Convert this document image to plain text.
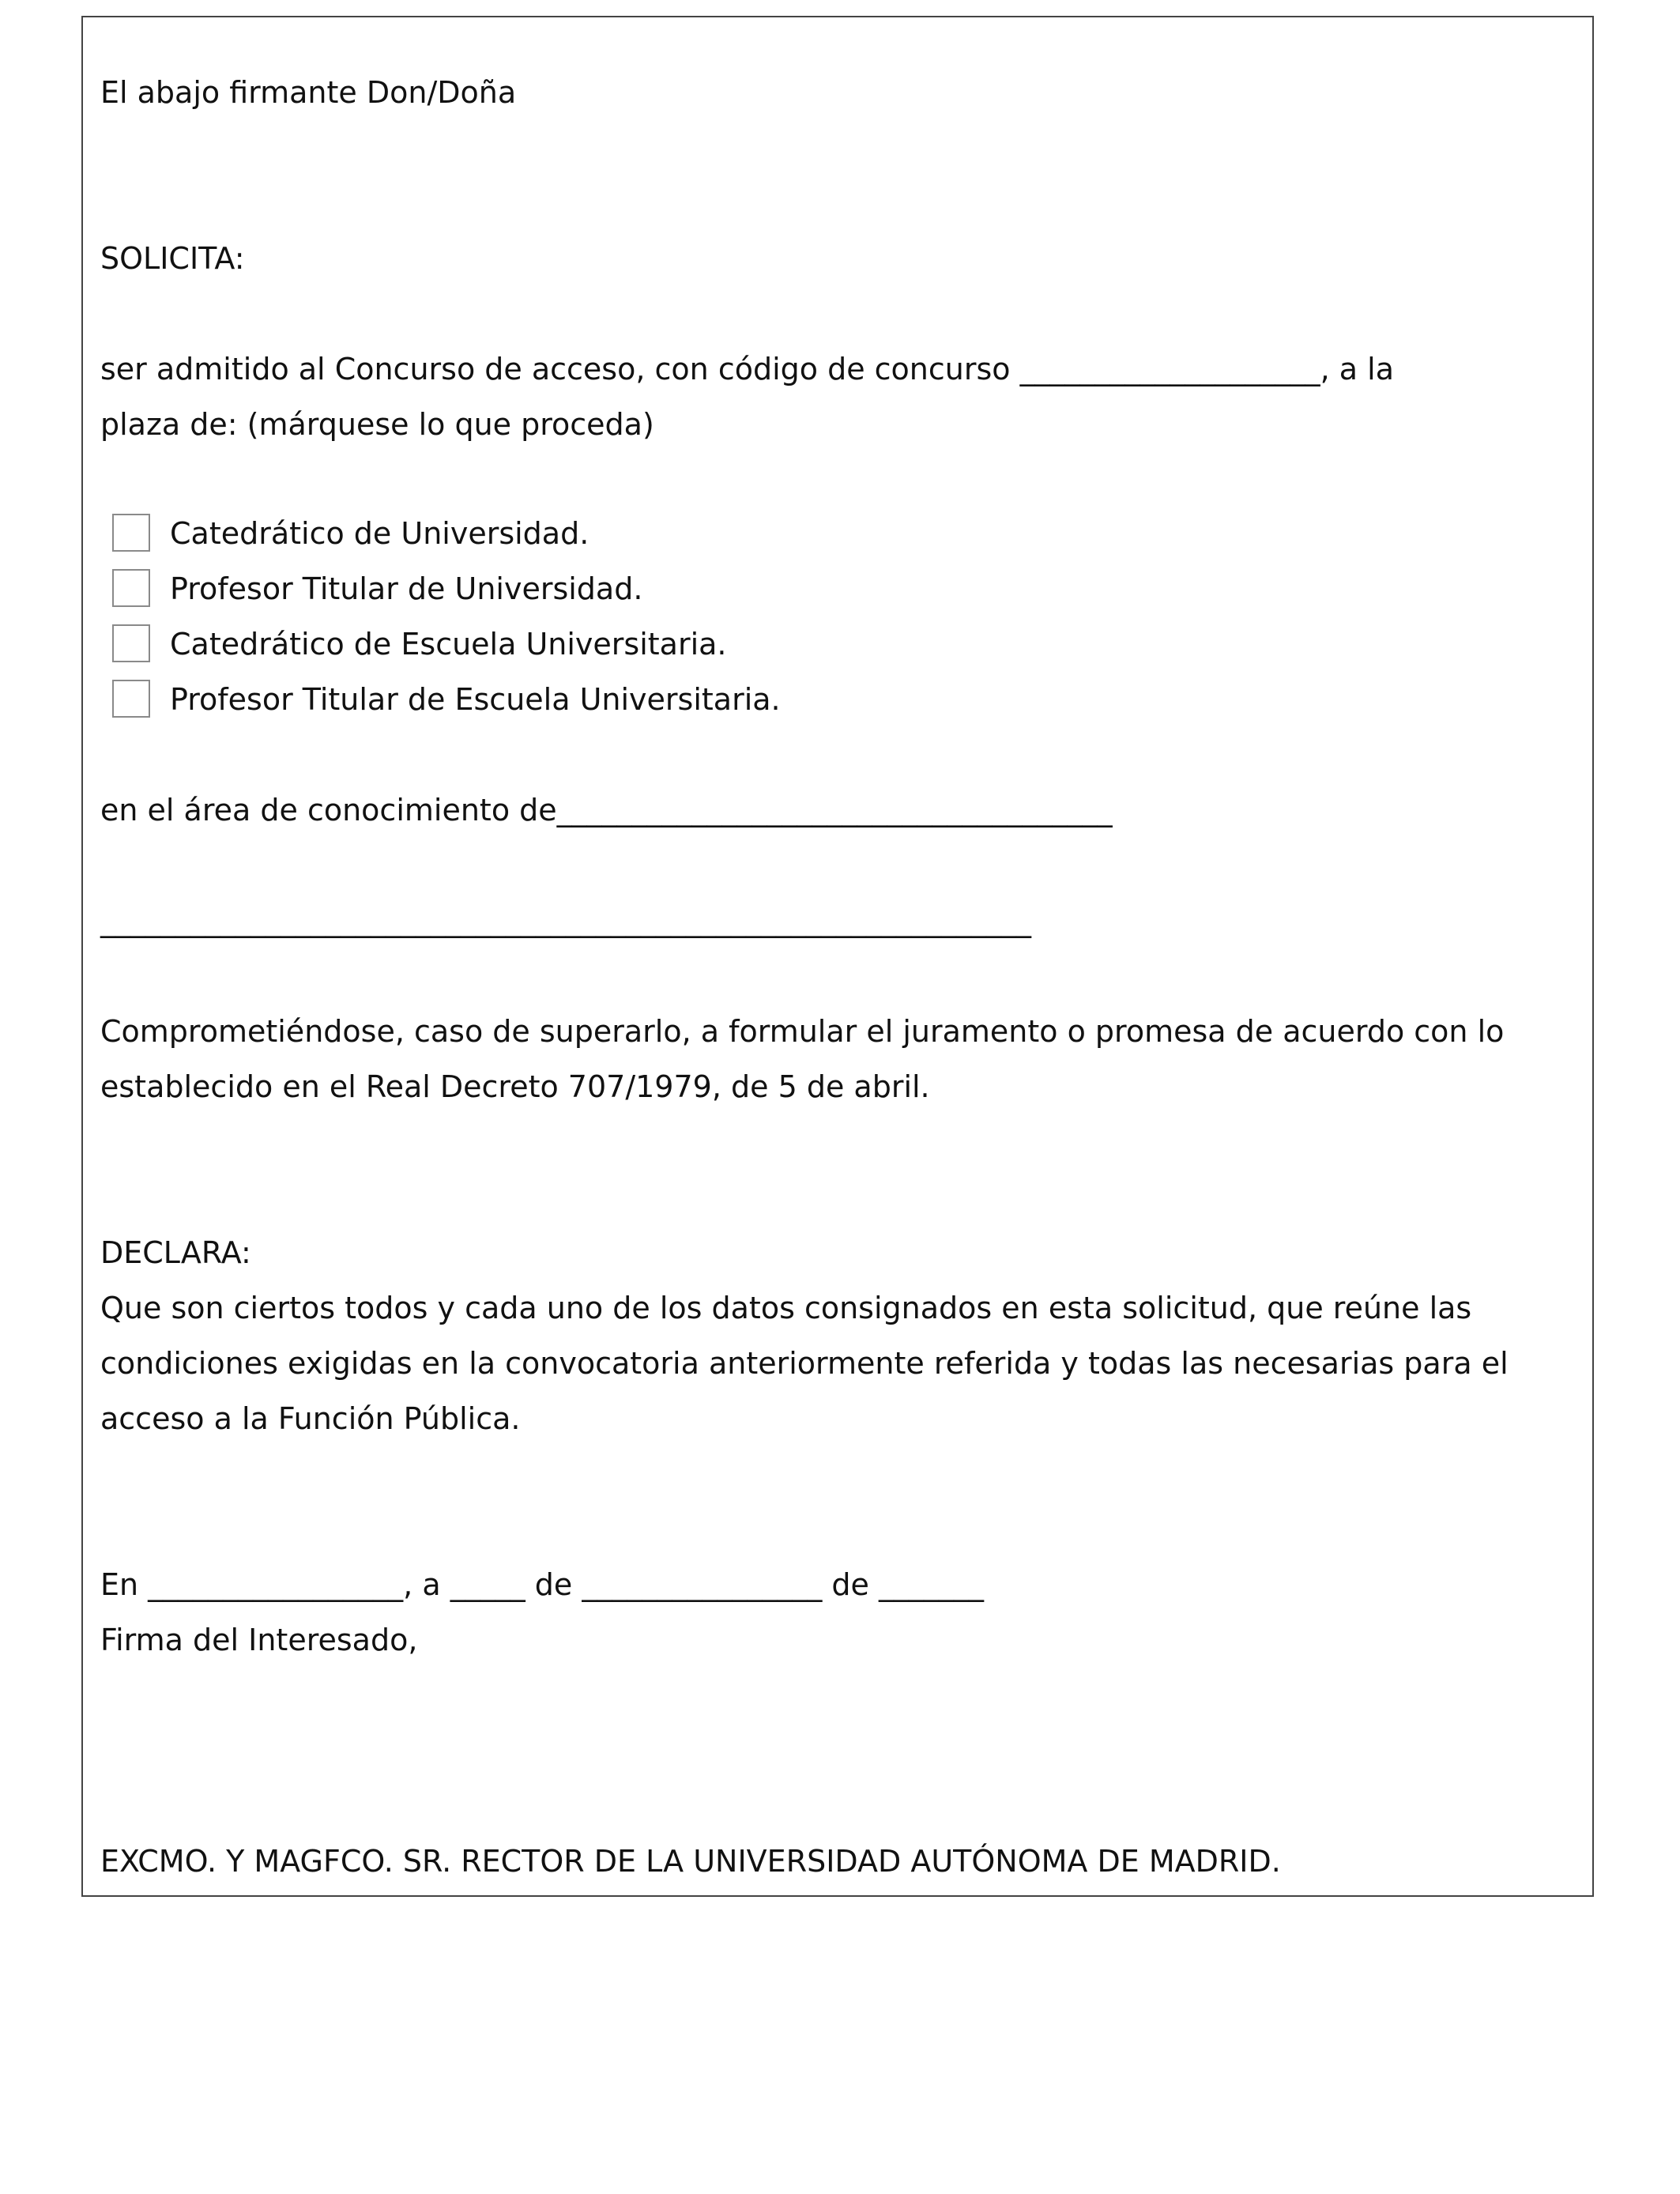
El abajo firmante Don/Doña

SOLICITA:

ser admitido al Concurso de acceso, con código de concurso ____________________, a la

plaza de: (márquese lo que proceda)

Catedrático de Universidad.
Profesor Titular de Universidad.
Catedrático de Escuela Universitaria.
Profesor Titular de Escuela Universitaria.

en el área de conocimiento de_____________________________________

______________________________________________________________

Comprometiéndose, caso de superarlo, a formular el juramento o promesa de acuerdo con lo

establecido en el Real Decreto 707/1979, de 5 de abril.

DECLARA:

Que son ciertos todos y cada uno de los datos consignados en esta solicitud, que reúne las

condiciones exigidas en la convocatoria anteriormente referida y todas las necesarias para el

acceso a la Función Pública.

En _________________, a _____ de ________________ de _______

Firma del Interesado,

EXCMO. Y MAGFCO. SR. RECTOR DE LA UNIVERSIDAD AUTÓNOMA DE MADRID.
